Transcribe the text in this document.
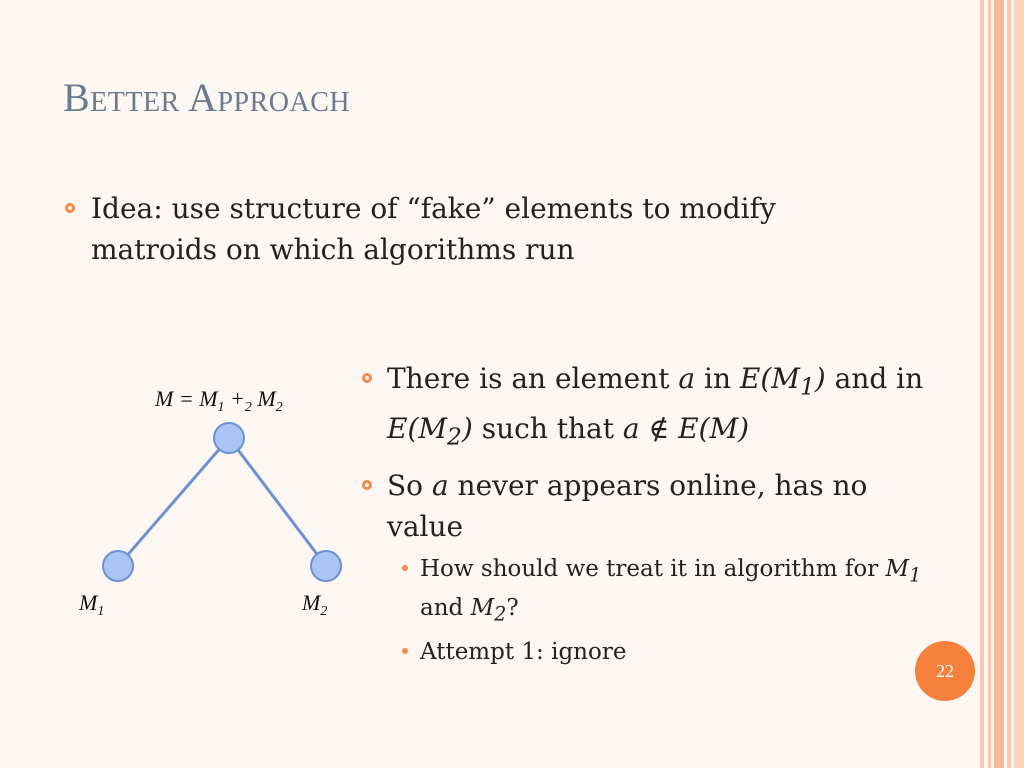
Better Approach
Idea: use structure of “fake” elements to modify matroids on which algorithms run
There is an element a in $E(M_1)$ and in $E(M_2)$ such that a ∉ E(M)
So a never appears online, has no value
How should we treat it in algorithm for $M_1$ and $M_2$?
Attempt 1: ignore
$M = M_1 +_2$ $M_2$
$M_1$	$M_2$
22
